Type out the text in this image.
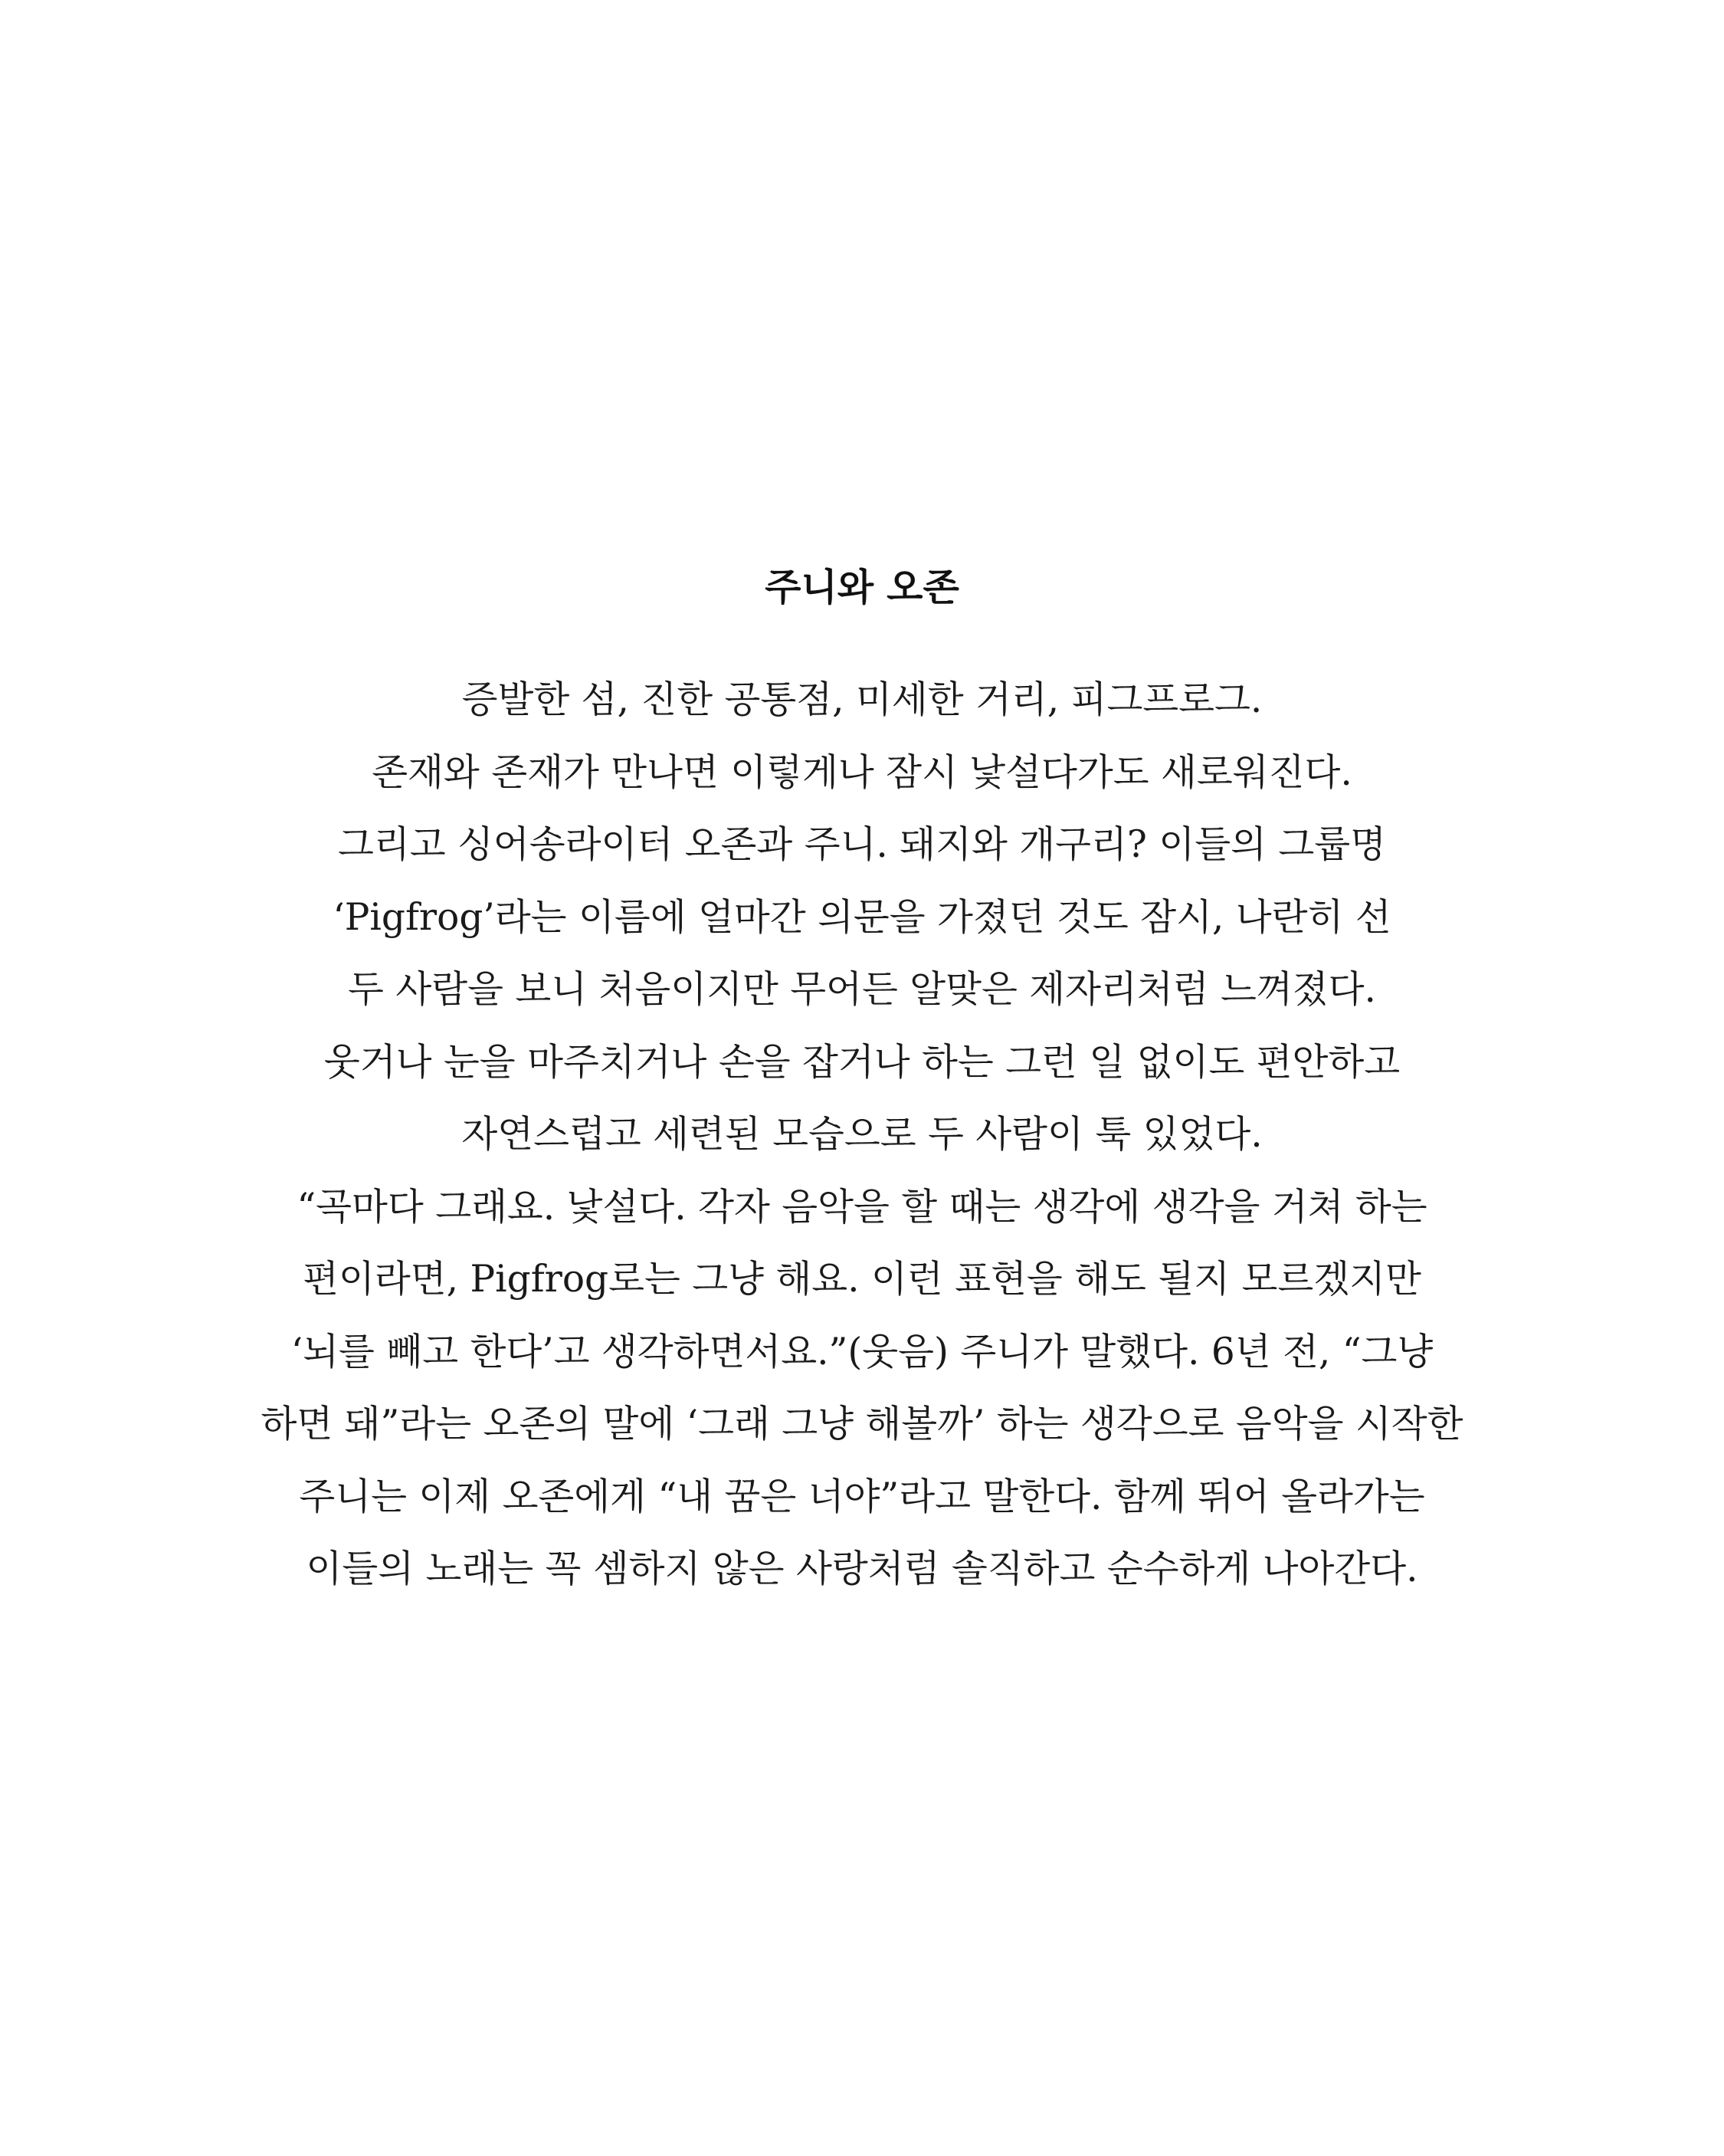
주니와 오존
증발한 섬, 진한 공통점, 미세한 거리, 피그프로그.
존재와 존재가 만나면 이렇게나 잠시 낯설다가도 새로워진다.
그리고 싱어송라이터 오존과 주니. 돼지와 개구리? 이들의 그룹명
‘Pigfrog’라는 이름에 얼마간 의문을 가졌던 것도 잠시, 나란히 선
두 사람을 보니 처음이지만 무어든 알맞은 제자리처럼 느껴졌다.
웃거나 눈을 마주치거나 손을 잡거나 하는 그런 일 없이도 편안하고
자연스럽고 세련된 모습으로 두 사람이 툭 있었다.
“곡마다 그래요. 낯설다. 각자 음악을 할 때는 생각에 생각을 거쳐 하는
편이라면, Pigfrog로는 그냥 해요. 이런 표현을 해도 될지 모르겠지만
‘뇌를 빼고 한다’고 생각하면서요.”(웃음) 주니가 말했다. 6년 전, “그냥
하면 돼”라는 오존의 말에 ‘그래 그냥 해볼까’ 하는 생각으로 음악을 시작한
주니는 이제 오존에게 “내 꿈은 너야”라고 말한다. 함께 뛰어 올라가는
이들의 노래는 꼭 셈하지 않은 사랑처럼 솔직하고 순수하게 나아간다.
